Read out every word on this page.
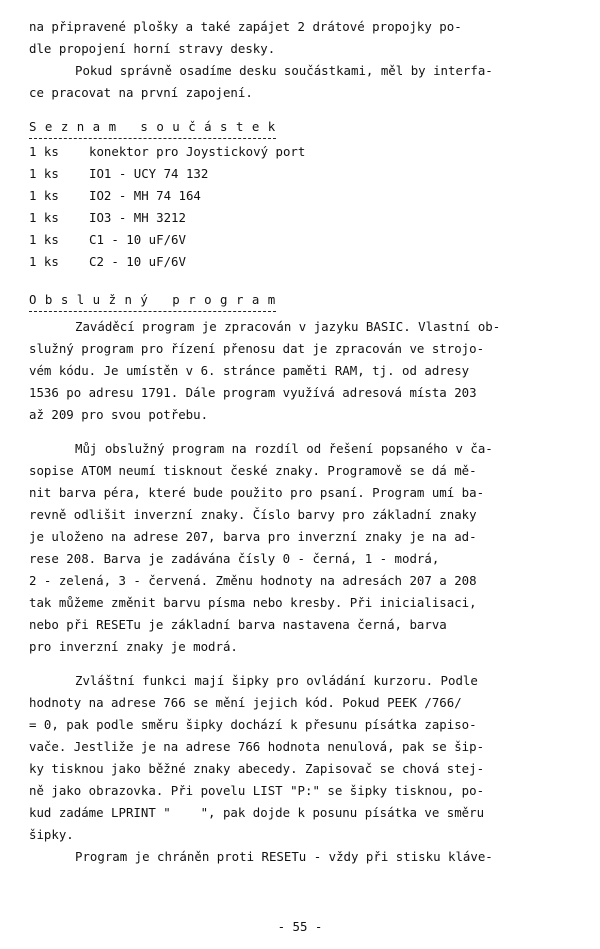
na připravené plošky a také zapájet 2 drátové propojky po-
dle propojení horní stravy desky.
Pokud správně osadíme desku součástkami, měl by interfa-
ce pracovat na první zapojení.
S e z n a m   s o u č á s t e k
1 ks konektor pro Joystickový port
1 ks IO1 - UCY 74 132
1 ks IO2 - MH 74 164
1 ks IO3 - MH 3212
1 ks C1 - 10 uF/6V
1 ks C2 - 10 uF/6V
O b s l u ž n ý   p r o g r a m
Zaváděcí program je zpracován v jazyku BASIC. Vlastní ob-
služný program pro řízení přenosu dat je zpracován ve strojo-
vém kódu. Je umístěn v 6. stránce paměti RAM, tj. od adresy
1536 po adresu 1791. Dále program využívá adresová místa 203
až 209 pro svou potřebu.
Můj obslužný program na rozdíl od řešení popsaného v ča-
sopise ATOM neumí tisknout české znaky. Programově se dá mě-
nit barva péra, které bude použito pro psaní. Program umí ba-
revně odlišit inverzní znaky. Číslo barvy pro základní znaky
je uloženo na adrese 207, barva pro inverzní znaky je na ad-
rese 208. Barva je zadávána čísly 0 - černá, 1 - modrá,
2 - zelená, 3 - červená. Změnu hodnoty na adresách 207 a 208
tak můžeme změnit barvu písma nebo kresby. Při inicialisaci,
nebo při RESETu je základní barva nastavena černá, barva
pro inverzní znaky je modrá.
Zvláštní funkci mají šipky pro ovládání kurzoru. Podle
hodnoty na adrese 766 se mění jejich kód. Pokud PEEK /766/
= 0, pak podle směru šipky dochází k přesunu písátka zapiso-
vače. Jestliže je na adrese 766 hodnota nenulová, pak se šip-
ky tisknou jako běžné znaky abecedy. Zapisovač se chová stej-
ně jako obrazovka. Při povelu LIST "P:" se šipky tisknou, po-
kud zadáme LPRINT "    ", pak dojde k posunu písátka ve směru
šipky.
Program je chráněn proti RESETu - vždy při stisku kláve-
- 55 -
